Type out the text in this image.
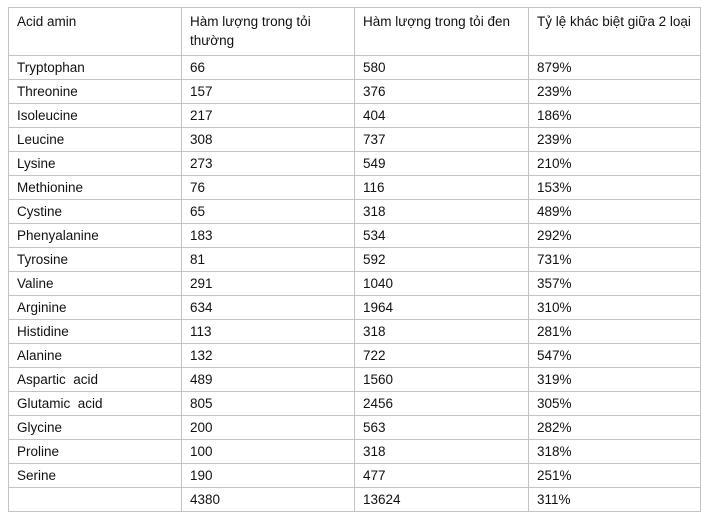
Acid amin	Hàm lượng trong tỏi thường	Hàm lượng trong tỏi đen	Tỷ lệ khác biệt giữa 2 loại
Tryptophan	66	580	879%
Threonine	157	376	239%
Isoleucine	217	404	186%
Leucine	308	737	239%
Lysine	273	549	210%
Methionine	76	116	153%
Cystine	65	318	489%
Phenyalanine	183	534	292%
Tyrosine	81	592	731%
Valine	291	1040	357%
Arginine	634	1964	310%
Histidine	113	318	281%
Alanine	132	722	547%
Aspartic  acid	489	1560	319%
Glutamic  acid	805	2456	305%
Glycine	200	563	282%
Proline	100	318	318%
Serine	190	477	251%
	4380	13624	311%
